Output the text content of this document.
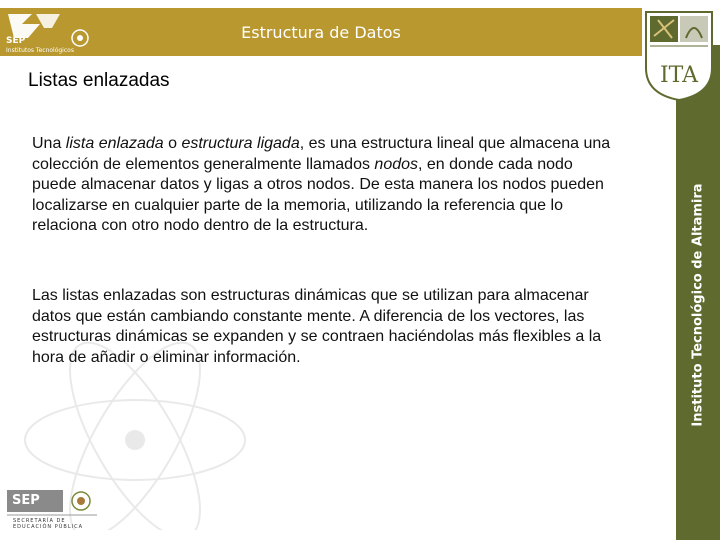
SEP
Institutos Tecnológicos
Estructura de Datos
Instituto Tecnológico de Altamira
ITA
Listas enlazadas

Una lista enlazada o estructura ligada, es una estructura lineal que almacena una colección de elementos generalmente llamados nodos, en donde cada nodo puede almacenar datos y ligas a otros nodos. De esta manera los nodos pueden localizarse en cualquier parte de la memoria, utilizando la referencia que lo relaciona con otro nodo dentro de la estructura.

Las listas enlazadas son estructuras dinámicas que se utilizan para almacenar datos que están cambiando constante mente. A diferencia de los vectores, las estructuras dinámicas se expanden y se contraen haciéndolas más flexibles a la hora de añadir o eliminar información.

SEP
SECRETARÍA DE EDUCACIÓN PÚBLICA
